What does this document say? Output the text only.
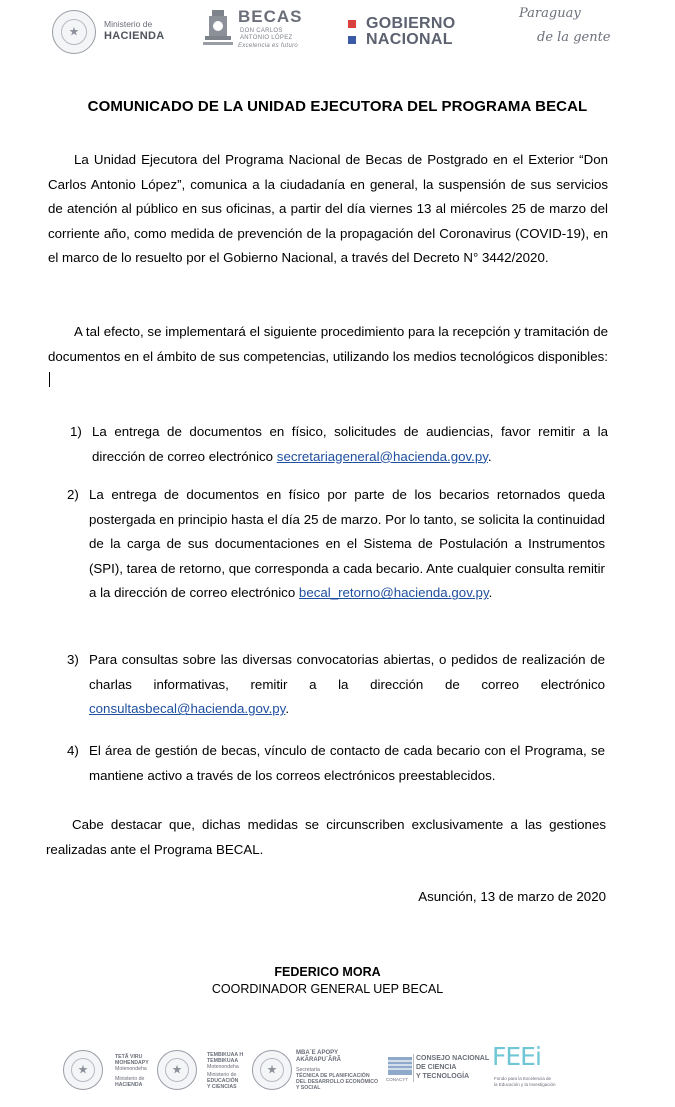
★
Ministerio de
HACIENDA
BECAS
DON CARLOS
ANTONIO LÓPEZ
Excelencia es futuro
GOBIERNO
NACIONAL
Paraguay
de la gente
COMUNICADO DE LA UNIDAD EJECUTORA DEL PROGRAMA BECAL

La Unidad Ejecutora del Programa Nacional de Becas de Postgrado en el Exterior “Don Carlos Antonio López”, comunica a la ciudadanía en general, la suspensión de sus servicios de atención al público en sus oficinas, a partir del día viernes 13 al miércoles 25 de marzo del corriente año, como medida de prevención de la propagación del Coronavirus (COVID-19), en el marco de lo resuelto por el Gobierno Nacional, a través del Decreto N° 3442/2020.

A tal efecto, se implementará el siguiente procedimiento para la recepción y tramitación de documentos en el ámbito de sus competencias, utilizando los medios tecnológicos disponibles:

1) La entrega de documentos en físico, solicitudes de audiencias, favor remitir a la dirección de correo electrónico secretariageneral@hacienda.gov.py.
2) La entrega de documentos en físico por parte de los becarios retornados queda postergada en principio hasta el día 25 de marzo. Por lo tanto, se solicita la continuidad de la carga de sus documentaciones en el Sistema de Postulación a Instrumentos (SPI), tarea de retorno, que corresponda a cada becario. Ante cualquier consulta remitir a la dirección de correo electrónico becal_retorno@hacienda.gov.py.
3) Para consultas sobre las diversas convocatorias abiertas, o pedidos de realización de charlas informativas, remitir a la dirección de correo electrónico consultasbecal@hacienda.gov.py.
4) El área de gestión de becas, vínculo de contacto de cada becario con el Programa, se mantiene activo a través de los correos electrónicos preestablecidos.

Cabe destacar que, dichas medidas se circunscriben exclusivamente a las gestiones realizadas ante el Programa BECAL.

Asunción, 13 de marzo de 2020
FEDERICO MORA
COORDINADOR GENERAL UEP BECAL
★
TETÃ VIRU
MOHENDAPY
Motenondeha
Ministerio de
HACIENDA
★
TEMBIKUAA H
TEMBIKUAA
Motenondeha
Ministerio de
EDUCACIÓN
Y CIENCIAS
★
MBA´E APOPY
AKÃRAPU´ÃRÃ
Secretaría
TÉCNICA DE PLANIFICACIÓN
DEL DESARROLLO ECONÓMICO
Y SOCIAL
CONACYT
CONSEJO NACIONAL
DE CIENCIA
Y TECNOLOGÍA
FEEi
Fondo para la Excelencia de
la Educación y la Investigación
